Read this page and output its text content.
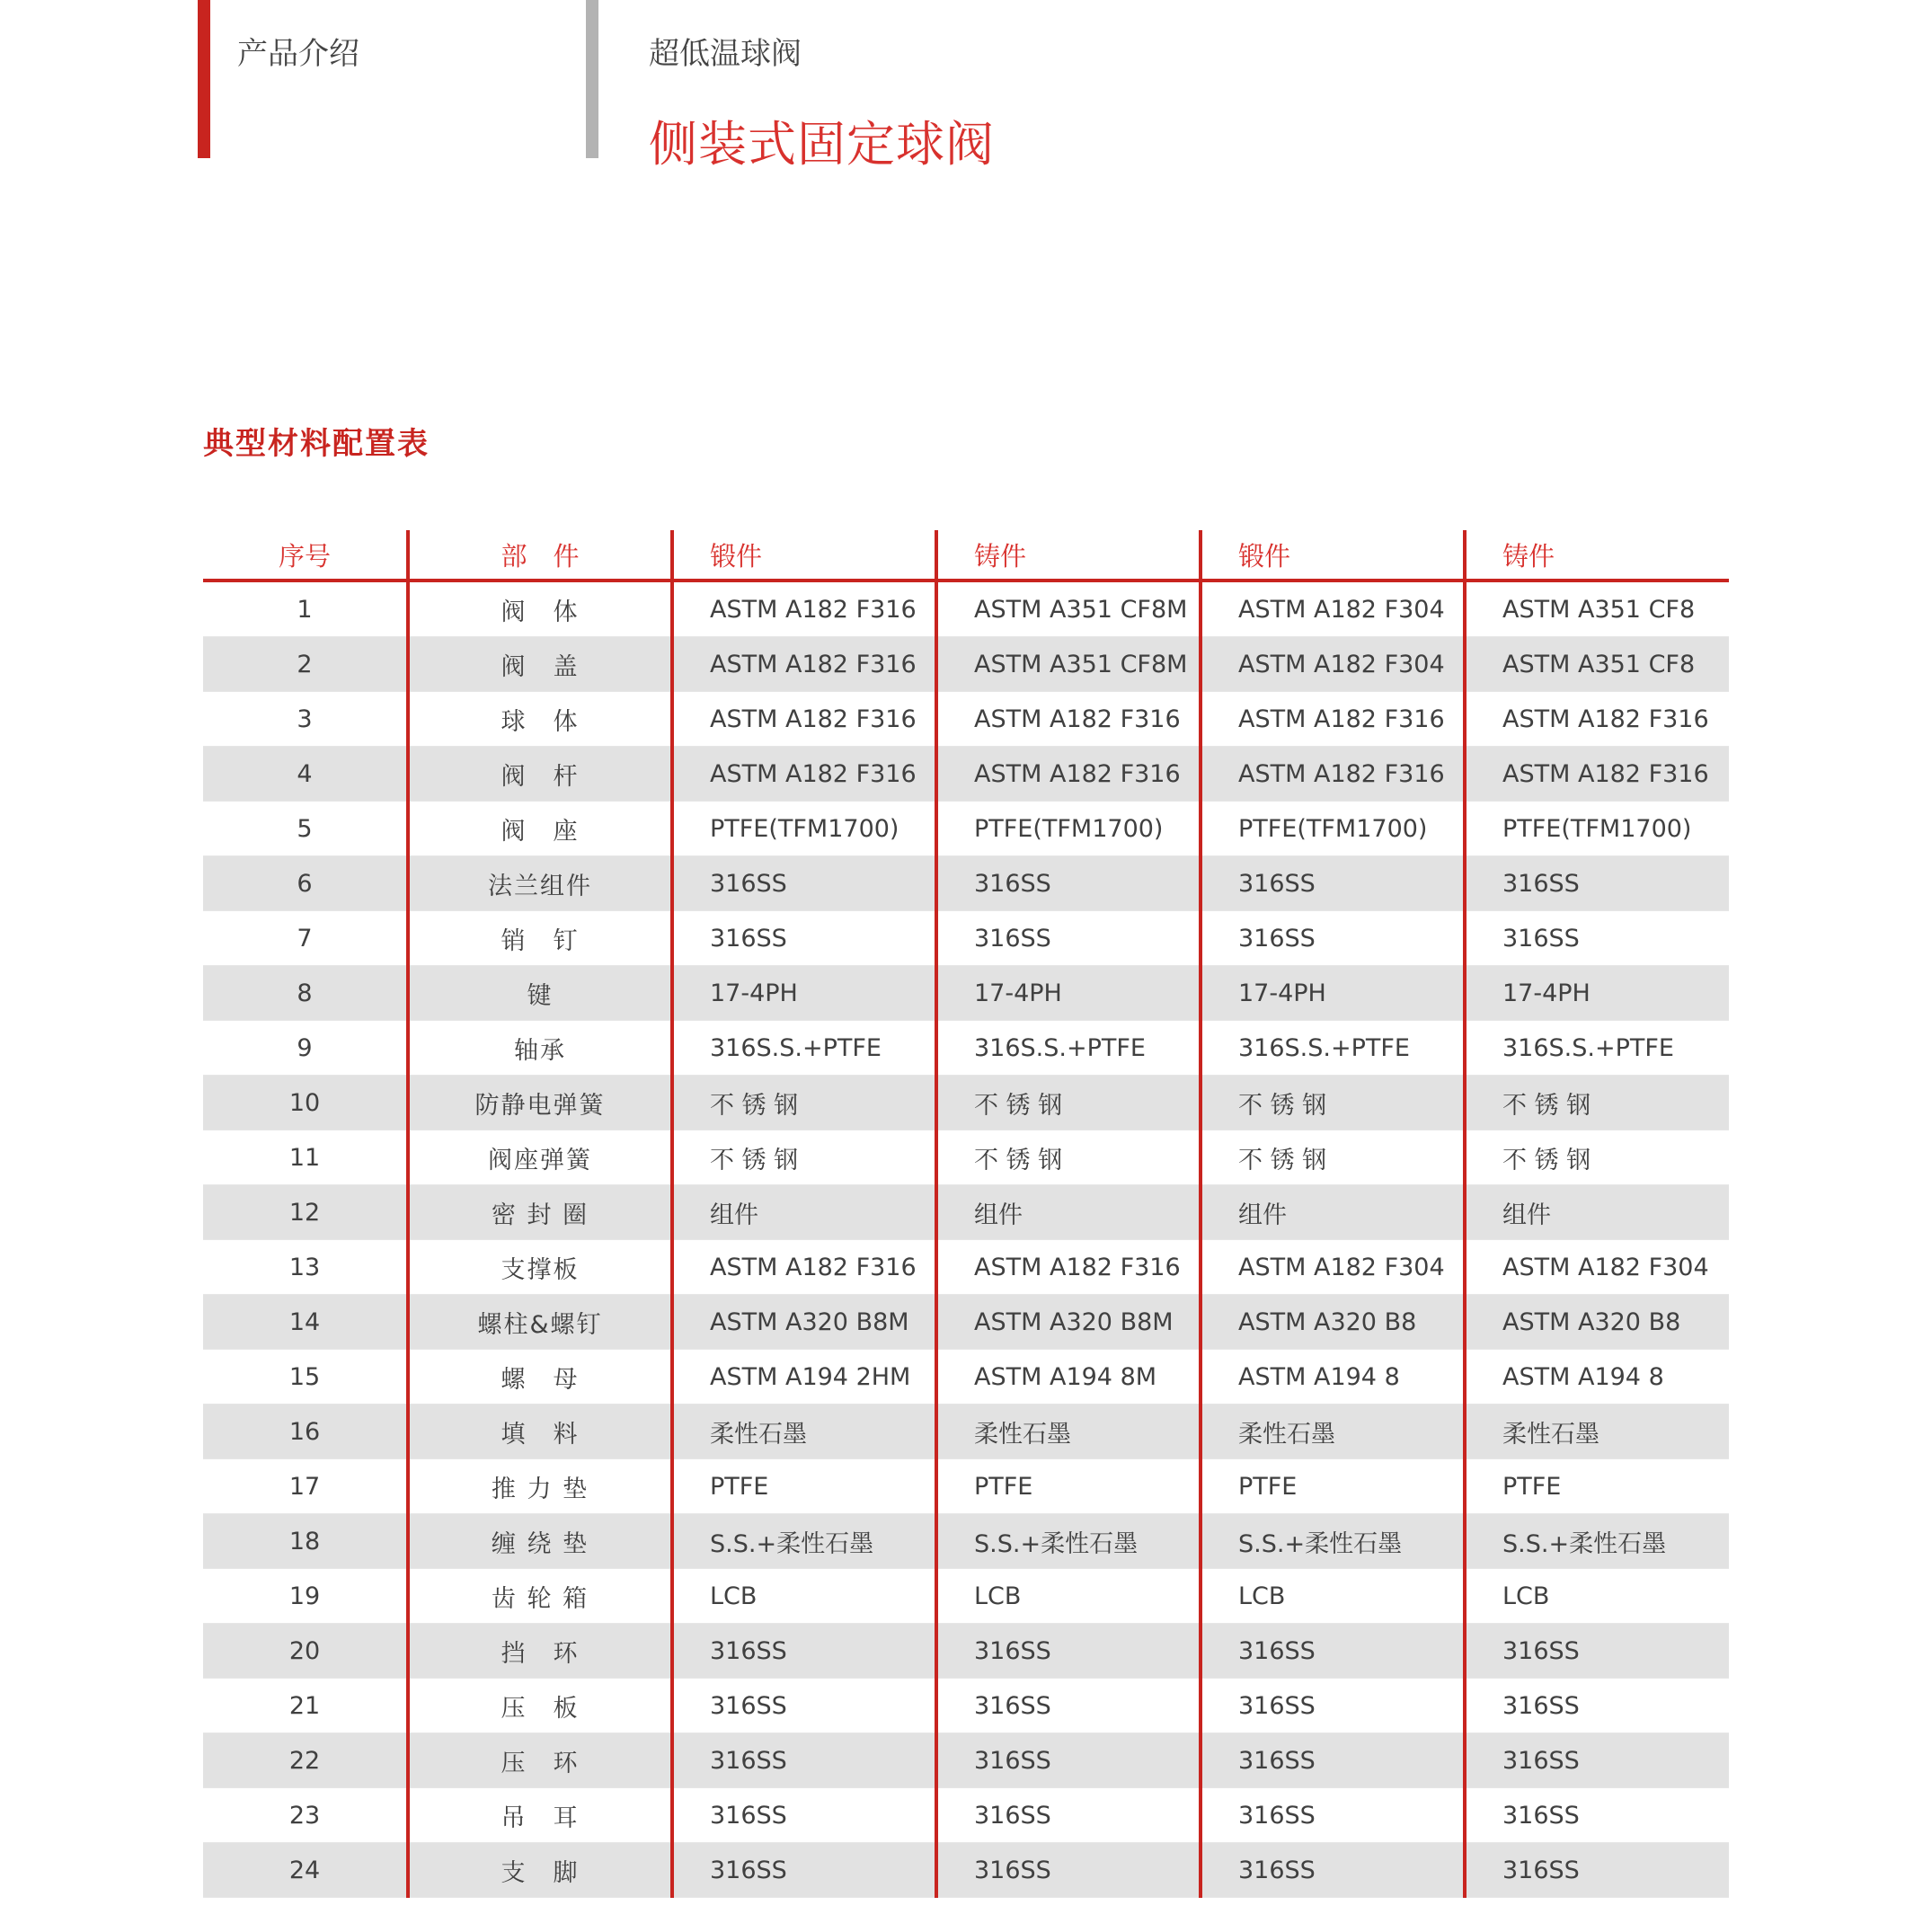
产品介绍	超低温球阀
侧装式固定球阀
典型材料配置表
序号	部　件	锻件	铸件	锻件	铸件
1	阀　体	ASTM A182 F316	ASTM A351 CF8M	ASTM A182 F304	ASTM A351 CF8
2	阀　盖	ASTM A182 F316	ASTM A351 CF8M	ASTM A182 F304	ASTM A351 CF8
3	球　体	ASTM A182 F316	ASTM A182 F316	ASTM A182 F316	ASTM A182 F316
4	阀　杆	ASTM A182 F316	ASTM A182 F316	ASTM A182 F316	ASTM A182 F316
5	阀　座	PTFE(TFM1700)	PTFE(TFM1700)	PTFE(TFM1700)	PTFE(TFM1700)
6	法兰组件	316SS	316SS	316SS	316SS
7	销　钉	316SS	316SS	316SS	316SS
8	键	17-4PH	17-4PH	17-4PH	17-4PH
9	轴承	316S.S.+PTFE	316S.S.+PTFE	316S.S.+PTFE	316S.S.+PTFE
10	防静电弹簧	不 锈 钢	不 锈 钢	不 锈 钢	不 锈 钢
11	阀座弹簧	不 锈 钢	不 锈 钢	不 锈 钢	不 锈 钢
12	密 封 圈	组件	组件	组件	组件
13	支撑板	ASTM A182 F316	ASTM A182 F316	ASTM A182 F304	ASTM A182 F304
14	螺柱&螺钉	ASTM A320 B8M	ASTM A320 B8M	ASTM A320 B8	ASTM A320 B8
15	螺　母	ASTM A194 2HM	ASTM A194 8M	ASTM A194 8	ASTM A194 8
16	填　料	柔性石墨	柔性石墨	柔性石墨	柔性石墨
17	推 力 垫	PTFE	PTFE	PTFE	PTFE
18	缠 绕 垫	S.S.+柔性石墨	S.S.+柔性石墨	S.S.+柔性石墨	S.S.+柔性石墨
19	齿 轮 箱	LCB	LCB	LCB	LCB
20	挡　环	316SS	316SS	316SS	316SS
21	压　板	316SS	316SS	316SS	316SS
22	压　环	316SS	316SS	316SS	316SS
23	吊　耳	316SS	316SS	316SS	316SS
24	支　脚	316SS	316SS	316SS	316SS
